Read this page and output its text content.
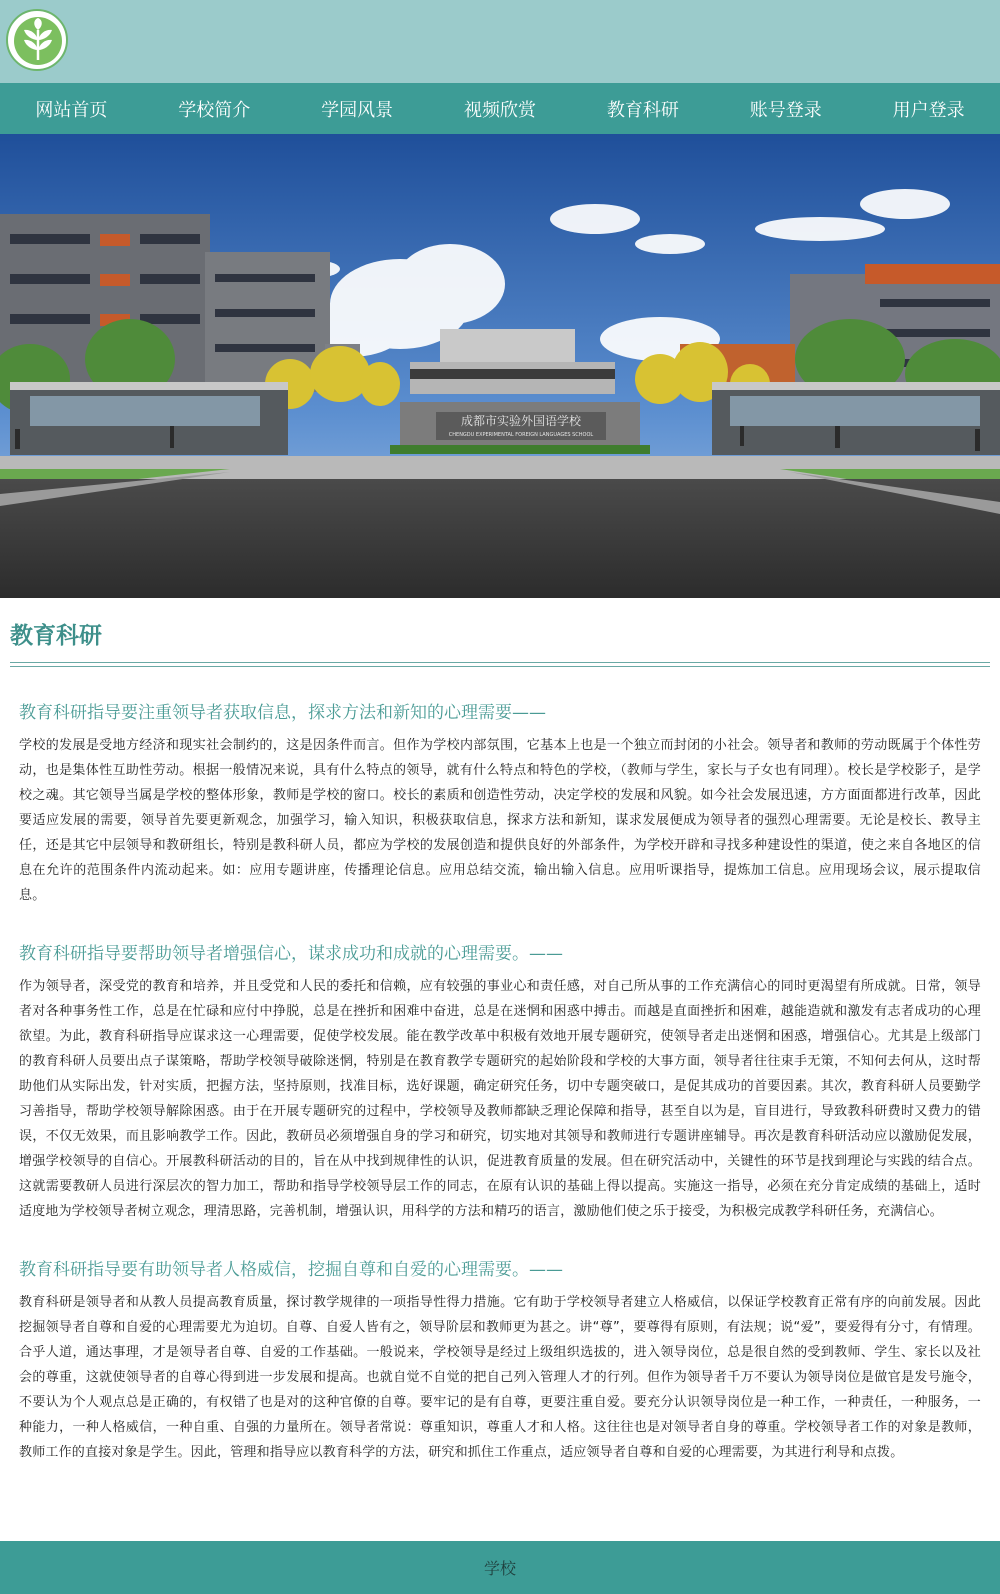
网站首页	学校简介	学园风景	视频欣赏	教育科研	账号登录	用户登录
成都市实验外国语学校
CHENGDU EXPERIMENTAL FOREIGN LANGUAGES SCHOOL
教育科研
教育科研指导要注重领导者获取信息，探求方法和新知的心理需要——

学校的发展是受地方经济和现实社会制约的，这是因条件而言。但作为学校内部氛围，它基本上也是一个独立而封闭的小社会。领导者和教师的劳动既属于个体性劳动，也是集体性互助性劳动。根据一般情况来说，具有什么特点的领导，就有什么特点和特色的学校，（教师与学生，家长与子女也有同理）。校长是学校影子，是学校之魂。其它领导当属是学校的整体形象，教师是学校的窗口。校长的素质和创造性劳动，决定学校的发展和风貌。如今社会发展迅速，方方面面都进行改革，因此要适应发展的需要，领导首先要更新观念，加强学习，输入知识，积极获取信息，探求方法和新知，谋求发展便成为领导者的强烈心理需要。无论是校长、教导主任，还是其它中层领导和教研组长，特别是教科研人员，都应为学校的发展创造和提供良好的外部条件，为学校开辟和寻找多种建设性的渠道，使之来自各地区的信息在允许的范围条件内流动起来。如：应用专题讲座，传播理论信息。应用总结交流，输出输入信息。应用听课指导，提炼加工信息。应用现场会议，展示提取信息。

教育科研指导要帮助领导者增强信心，谋求成功和成就的心理需要。——

作为领导者，深受党的教育和培养，并且受党和人民的委托和信赖，应有较强的事业心和责任感，对自己所从事的工作充满信心的同时更渴望有所成就。日常，领导者对各种事务性工作，总是在忙碌和应付中挣脱，总是在挫折和困难中奋进，总是在迷惘和困惑中搏击。而越是直面挫折和困难，越能造就和激发有志者成功的心理欲望。为此，教育科研指导应谋求这一心理需要，促使学校发展。能在教学改革中积极有效地开展专题研究，使领导者走出迷惘和困惑，增强信心。尤其是上级部门的教育科研人员要出点子谋策略，帮助学校领导破除迷惘，特别是在教育教学专题研究的起始阶段和学校的大事方面，领导者往往束手无策，不知何去何从，这时帮助他们从实际出发，针对实质，把握方法，坚持原则，找准目标，选好课题，确定研究任务，切中专题突破口，是促其成功的首要因素。其次，教育科研人员要勤学习善指导，帮助学校领导解除困惑。由于在开展专题研究的过程中，学校领导及教师都缺乏理论保障和指导，甚至自以为是，盲目进行，导致教科研费时又费力的错误，不仅无效果，而且影响教学工作。因此，教研员必须增强自身的学习和研究，切实地对其领导和教师进行专题讲座辅导。再次是教育科研活动应以激励促发展，增强学校领导的自信心。开展教科研活动的目的，旨在从中找到规律性的认识，促进教育质量的发展。但在研究活动中，关键性的环节是找到理论与实践的结合点。这就需要教研人员进行深层次的智力加工，帮助和指导学校领导层工作的同志，在原有认识的基础上得以提高。实施这一指导，必须在充分肯定成绩的基础上，适时适度地为学校领导者树立观念，理清思路，完善机制，增强认识，用科学的方法和精巧的语言，激励他们使之乐于接受，为积极完成教学科研任务，充满信心。

教育科研指导要有助领导者人格威信，挖掘自尊和自爱的心理需要。——

教育科研是领导者和从教人员提高教育质量，探讨教学规律的一项指导性得力措施。它有助于学校领导者建立人格威信，以保证学校教育正常有序的向前发展。因此挖掘领导者自尊和自爱的心理需要尤为迫切。自尊、自爱人皆有之，领导阶层和教师更为甚之。讲“尊”，要尊得有原则，有法规；说“爱”，要爱得有分寸，有情理。合乎人道，通达事理，才是领导者自尊、自爱的工作基础。一般说来，学校领导是经过上级组织选拔的，进入领导岗位，总是很自然的受到教师、学生、家长以及社会的尊重，这就使领导者的自尊心得到进一步发展和提高。也就自觉不自觉的把自己列入管理人才的行列。但作为领导者千万不要认为领导岗位是做官是发号施令，不要认为个人观点总是正确的，有权错了也是对的这种官僚的自尊。要牢记的是有自尊，更要注重自爱。要充分认识领导岗位是一种工作，一种责任，一种服务，一种能力，一种人格威信，一种自重、自强的力量所在。领导者常说：尊重知识，尊重人才和人格。这往往也是对领导者自身的尊重。学校领导者工作的对象是教师，教师工作的直接对象是学生。因此，管理和指导应以教育科学的方法，研究和抓住工作重点，适应领导者自尊和自爱的心理需要，为其进行利导和点拨。

学校
